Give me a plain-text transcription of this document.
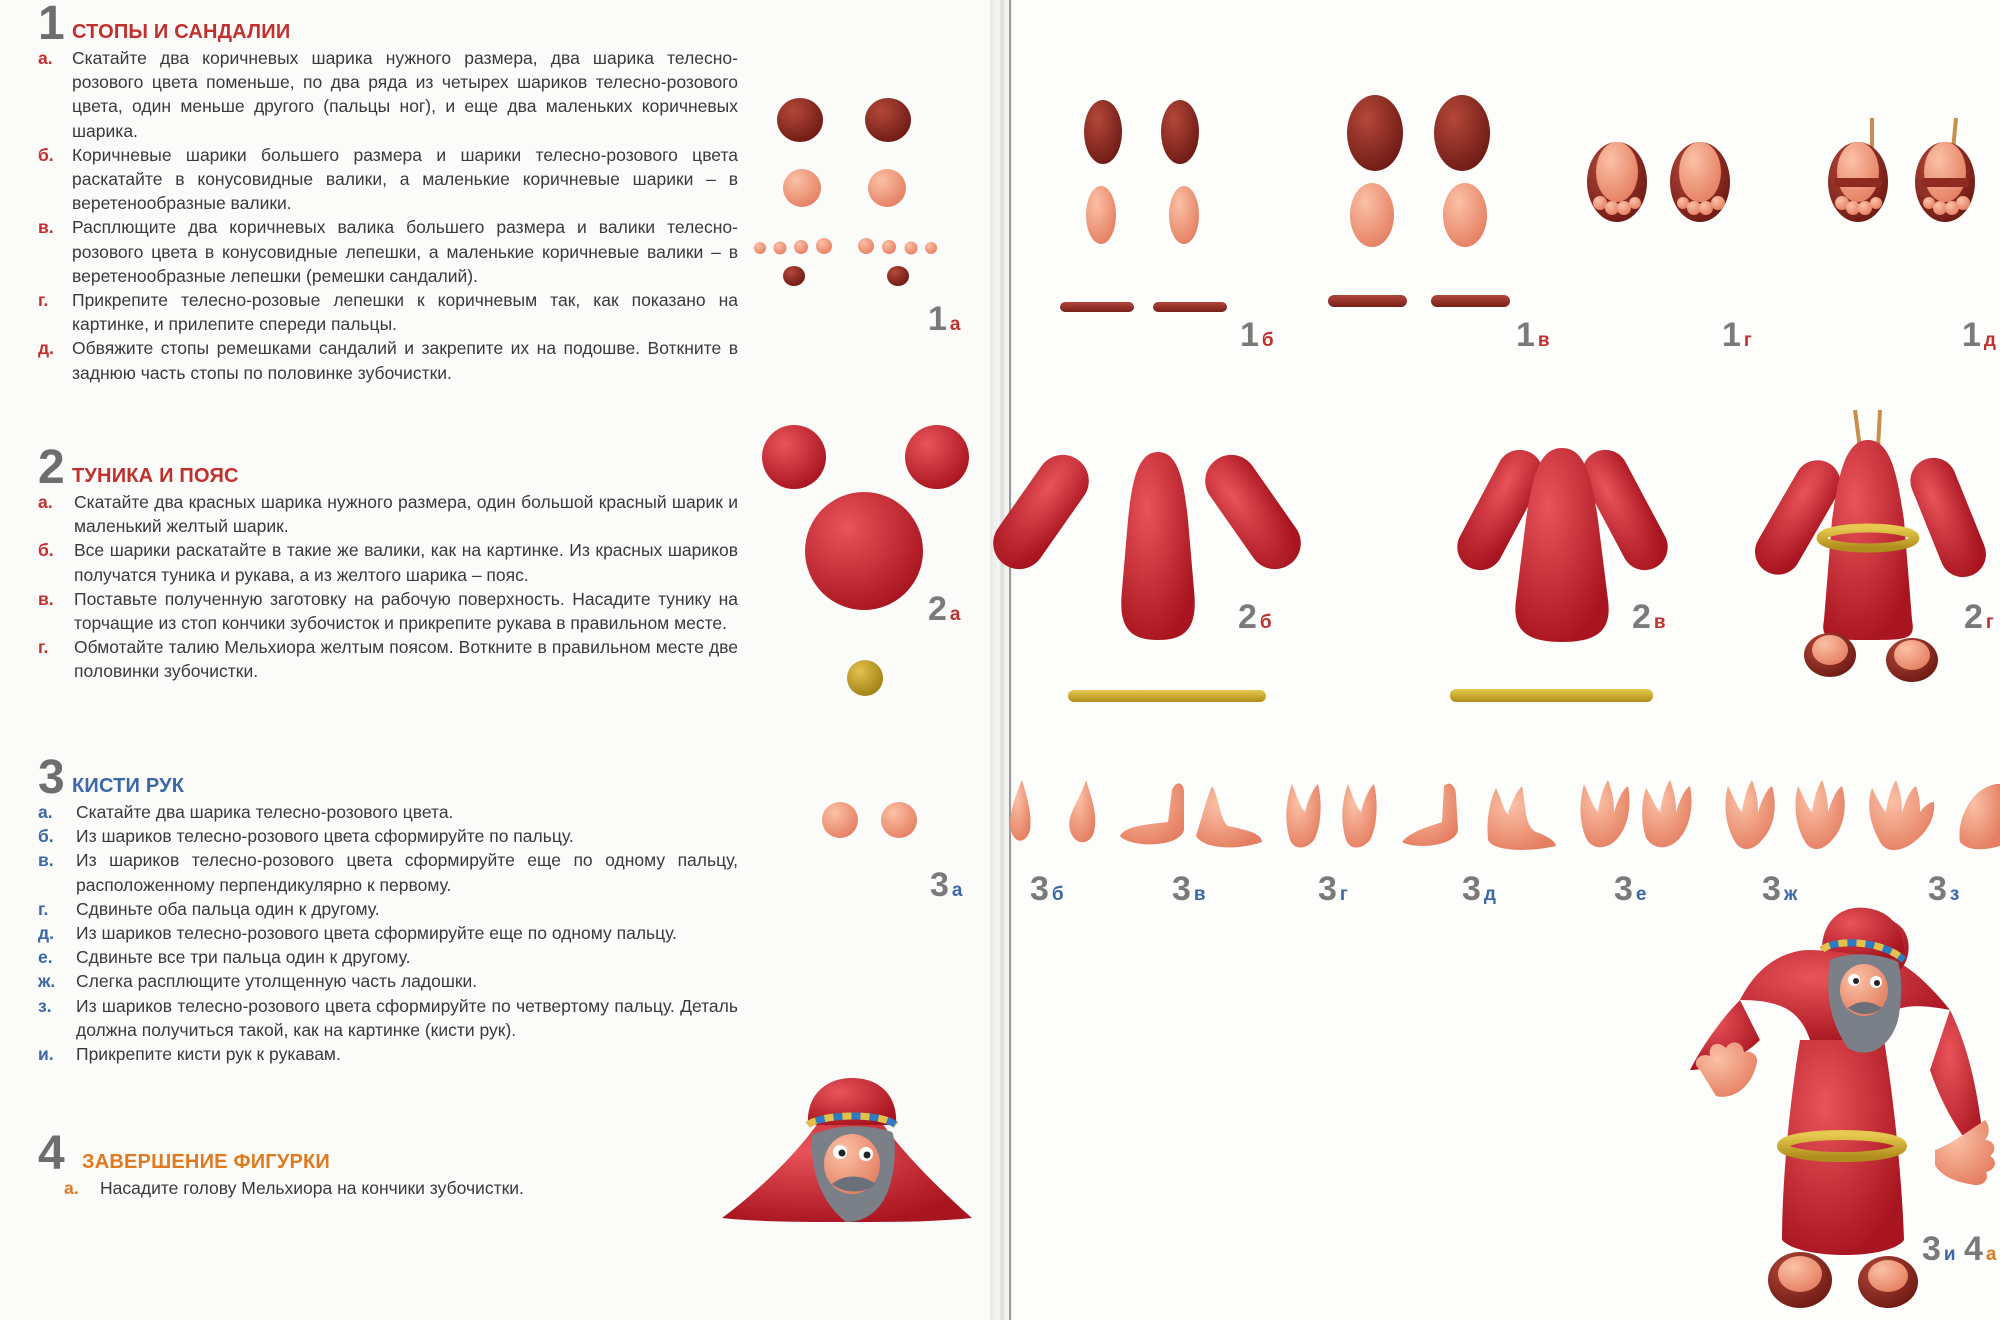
1 СТОПЫ И САНДАЛИИ
а. Скатайте два коричневых шарика нужного размера, два шарика телесно-розового цвета поменьше, по два ряда из четырех шариков телесно-розового цвета, один меньше другого (пальцы ног), и еще два маленьких коричневых шарика.
б. Коричневые шарики большего размера и шарики телесно-розового цвета раскатайте в конусовидные валики, а маленькие коричневые шарики – в веретенообразные валики.
в. Расплющите два коричневых валика большего размера и валики телесно-розового цвета в конусовидные лепешки, а маленькие коричневые валики – в веретенообразные лепешки (ремешки сандалий).
г. Прикрепите телесно-розовые лепешки к коричневым так, как показано на картинке, и прилепите спереди пальцы.
д. Обвяжите стопы ремешками сандалий и закрепите их на подошве. Воткните в заднюю часть стопы по половинке зубочистки.
2 ТУНИКА И ПОЯС
а. Скатайте два красных шарика нужного размера, один большой красный шарик и маленький желтый шарик.
б. Все шарики раскатайте в такие же валики, как на картинке. Из красных шариков получатся туника и рукава, а из желтого шарика – пояс.
в. Поставьте полученную заготовку на рабочую поверхность. Насадите тунику на торчащие из стоп кончики зубочисток и прикрепите рукава в правильном месте.
г. Обмотайте талию Мельхиора желтым поясом. Воткните в правильном месте две половинки зубочистки.
3 КИСТИ РУК
а. Скатайте два шарика телесно-розового цвета.
б. Из шариков телесно-розового цвета сформируйте по пальцу.
в. Из шариков телесно-розового цвета сформируйте еще по одному пальцу, расположенному перпендикулярно к первому.
г. Сдвиньте оба пальца один к другому.
д. Из шариков телесно-розового цвета сформируйте еще по одному пальцу.
е. Сдвиньте все три пальца один к другому.
ж. Слегка расплющите утолщенную часть ладошки.
з. Из шариков телесно-розового цвета сформируйте по четвертому пальцу. Деталь должна получиться такой, как на картинке (кисти рук).
и. Прикрепите кисти рук к рукавам.
4 ЗАВЕРШЕНИЕ ФИГУРКИ
а.	Насадите голову Мельхиора на кончики зубочистки.
1 а	1 б	1 в	1 г	1 д
2 а	2 б	2 в	2 г
3 а 3 б	3 в	3 г	3 д	3 е	3 ж	3 з
3 и 4 а
